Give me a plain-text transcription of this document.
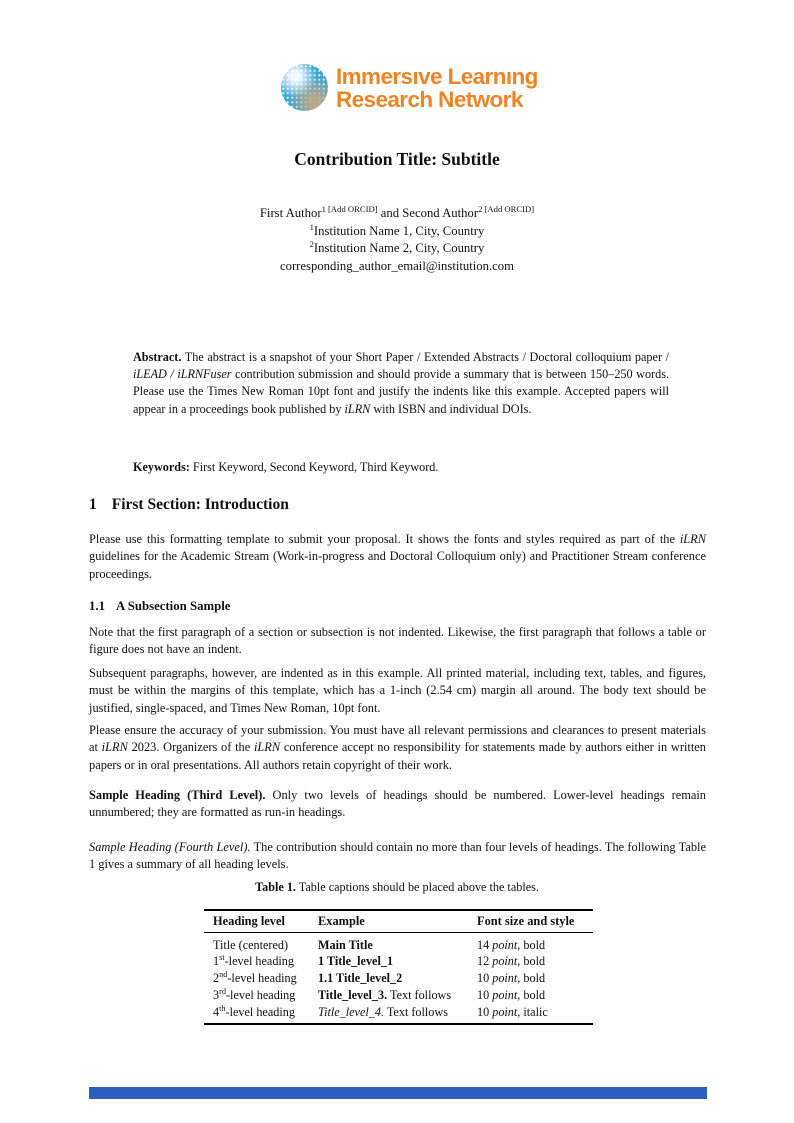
Immersıve Learnıng
Research Network
Contribution Title: Subtitle
First Author$^{1 [Add ORCID]}$ and Second Author$^{2 [Add ORCID]}$
$^1$Institution Name 1, City, Country
$^2$Institution Name 2, City, Country
corresponding_author_email@institution.com
Abstract. The abstract is a snapshot of your Short Paper / Extended Abstracts / Doctoral colloquium paper / iLEAD / iLRNFuser contribution submission and should provide a summary that is between 150–250 words. Please use the Times New Roman 10pt font and justify the indents like this example. Accepted papers will appear in a proceedings book published by iLRN with ISBN and individual DOIs.
Keywords: First Keyword, Second Keyword, Third Keyword.
1 First Section: Introduction
Please use this formatting template to submit your proposal. It shows the fonts and styles required as part of the iLRN guidelines for the Academic Stream (Work-in-progress and Doctoral Colloquium only) and Practitioner Stream conference proceedings.
1.1 A Subsection Sample
Note that the first paragraph of a section or subsection is not indented. Likewise, the first paragraph that follows a table or figure does not have an indent.
Subsequent paragraphs, however, are indented as in this example. All printed material, including text, tables, and figures, must be within the margins of this template, which has a 1-inch (2.54 cm) margin all around. The body text should be justified, single-spaced, and Times New Roman, 10pt font.
Please ensure the accuracy of your submission. You must have all relevant permissions and clearances to present materials at iLRN 2023. Organizers of the iLRN conference accept no responsibility for statements made by authors either in written papers or in oral presentations. All authors retain copyright of their work.
Sample Heading (Third Level). Only two levels of headings should be numbered. Lower-level headings remain unnumbered; they are formatted as run-in headings.
Sample Heading (Fourth Level). The contribution should contain no more than four levels of headings. The following Table 1 gives a summary of all heading levels.
Table 1. Table captions should be placed above the tables.
Heading level	Example	Font size and style
Title (centered)	Main Title	14 point, bold
1st-level heading	1 Title_level_1	12 point, bold
2nd-level heading	1.1 Title_level_2	10 point, bold
3rd-level heading	Title_level_3. Text follows	10 point, bold
4th-level heading	Title_level_4. Text follows	10 point, italic
